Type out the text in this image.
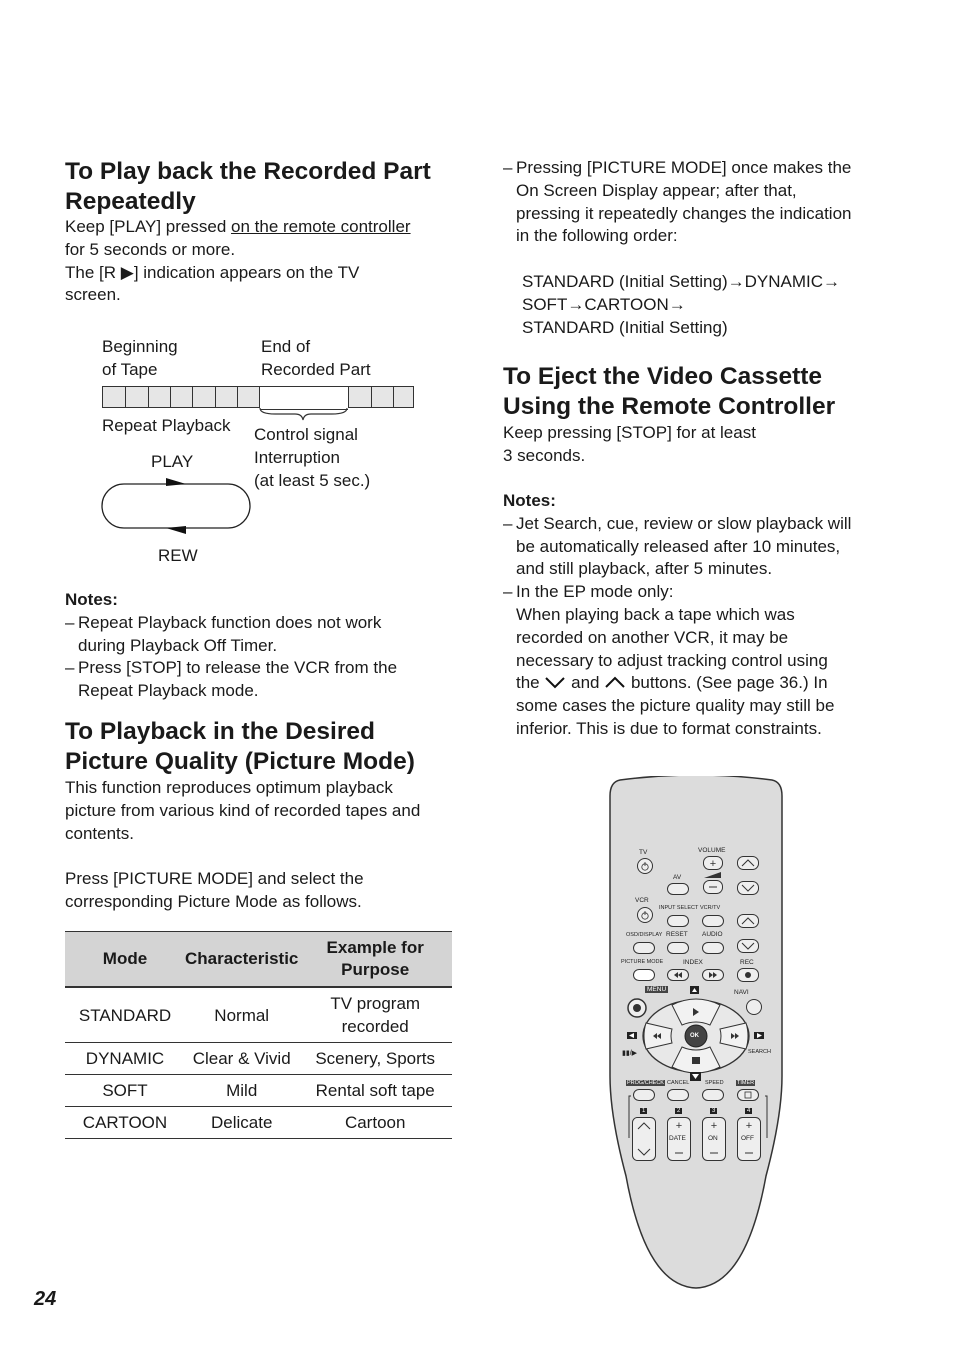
To Play back the Recorded Part
Repeatedly
Keep [PLAY] pressed on the remote controller
for 5 seconds or more.
The [R ▶] indication appears on the TV
screen.
Beginning
of Tape
End of
Recorded Part
Repeat Playback Control signal
Interruption
(at least 5 sec.)
PLAY
REW
Notes:
– Repeat Playback function does not work
during Playback Off Timer.
– Press [STOP] to release the VCR from the
Repeat Playback mode.
To Playback in the Desired
Picture Quality (Picture Mode)
This function reproduces optimum playback
picture from various kind of recorded tapes and
contents.
Press [PICTURE MODE] and select the
corresponding Picture Mode as follows.
Mode	Characteristic	Example for
Purpose

STANDARD	Normal	TV program
recorded

DYNAMIC	Clear & Vivid	Scenery, Sports
SOFT	Mild	Rental soft tape
CARTOON	Delicate	Cartoon
24
– Pressing [PICTURE MODE] once makes the
On Screen Display appear; after that,
pressing it repeatedly changes the indication
in the following order:
STANDARD (Initial Setting)→DYNAMIC→
SOFT→CARTOON→
STANDARD (Initial Setting)
To Eject the Video Cassette
Using the Remote Controller
Keep pressing [STOP] for at least
3 seconds.
Notes:
– Jet Search, cue, review or slow playback will
be automatically released after 10 minutes,
and still playback, after 5 minutes.
– In the EP mode only:
When playing back a tape which was
recorded on another VCR, it may be
necessary to adjust tracking control using
the and buttons. (See page 36.) In
some cases the picture quality may still be
inferior. This is due to format constraints.
TV	VOLUME
+
AV
VCR
INPUT SELECT VCR/TV
OSD/DISPLAY RESET AUDIO
PICTURE MODE	INDEX	REC
MENU	NAVI
OK
▮▮/▶	SEARCH
PROG/CHECK CANCEL	SPEED TIMER
1	2	3	4
+	+	+
DATE	ON	OFF
